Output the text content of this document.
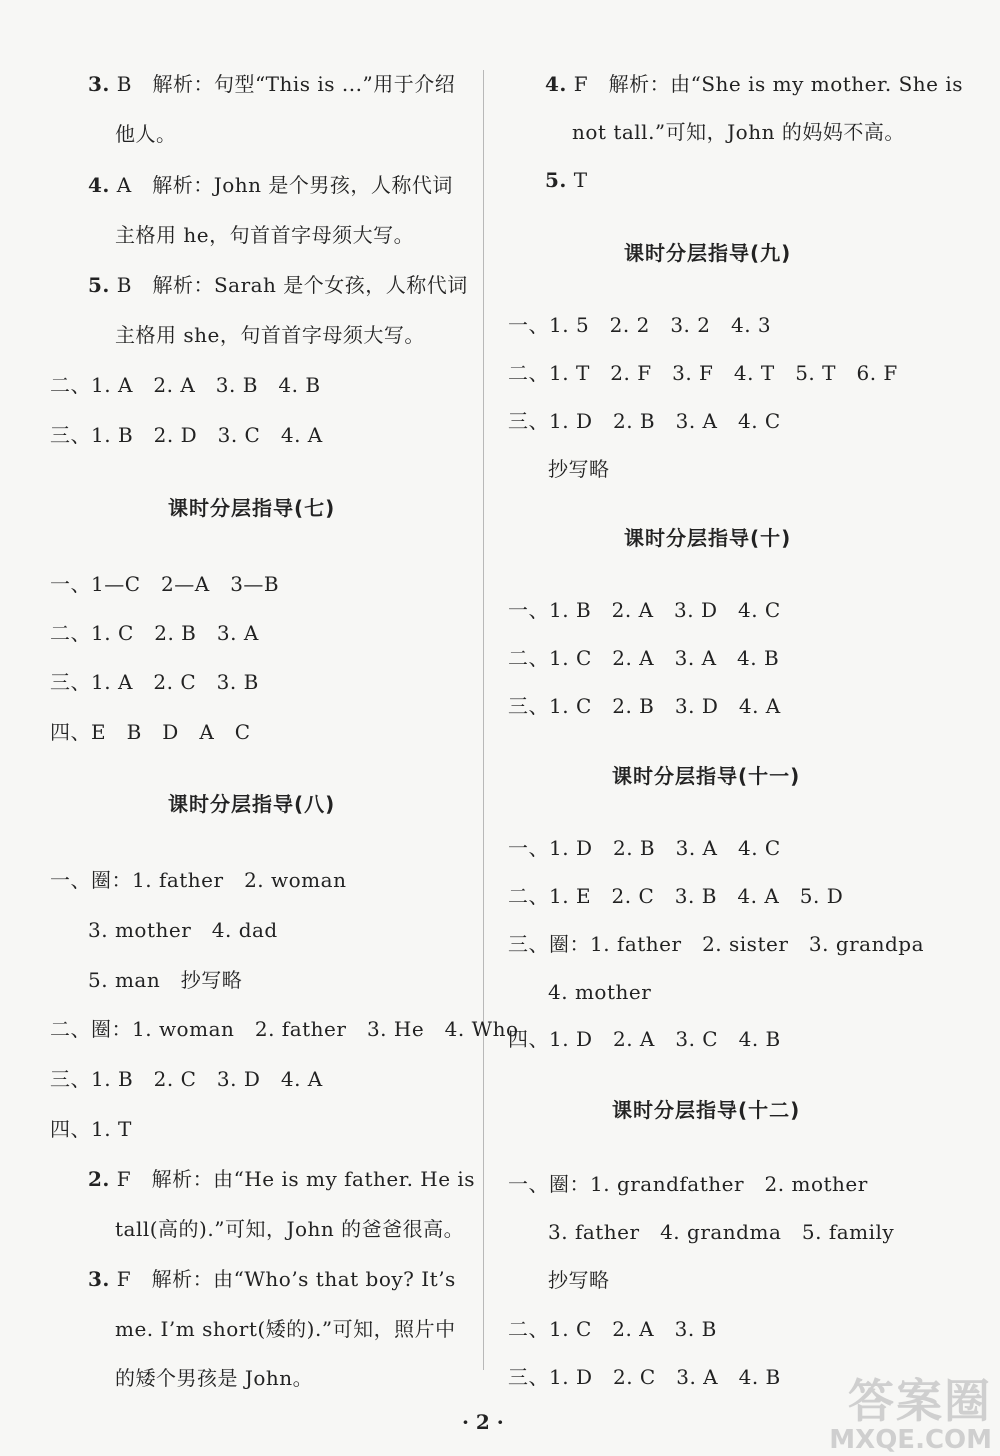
3. B　解析：句型“This is ...”用于介绍
他人。
4. A　解析：John 是个男孩，人称代词
主格用 he，句首首字母须大写。
5. B　解析：Sarah 是个女孩，人称代词
主格用 she，句首首字母须大写。
二、1. A　2. A　3. B　4. B
三、1. B　2. D　3. C　4. A
一、1—C　2—A　3—B
二、1. C　2. B　3. A
三、1. A　2. C　3. B
四、E　B　D　A　C
一、圈：1. father　2. woman
3. mother　4. dad
5. man　抄写略
二、圈：1. woman　2. father　3. He　4. Who
三、1. B　2. C　3. D　4. A
四、1. T
2. F　解析：由“He is my father. He is
tall(高的).”可知，John 的爸爸很高。
3. F　解析：由“Who’s that boy? It’s
me. I’m short(矮的).”可知，照片中
的矮个男孩是 John。
课时分层指导(七)
课时分层指导(八)
4. F　解析：由“She is my mother. She is
not tall.”可知，John 的妈妈不高。
5. T
一、1. 5　2. 2　3. 2　4. 3
二、1. T　2. F　3. F　4. T　5. T　6. F
三、1. D　2. B　3. A　4. C
抄写略
一、1. B　2. A　3. D　4. C
二、1. C　2. A　3. A　4. B
三、1. C　2. B　3. D　4. A
一、1. D　2. B　3. A　4. C
二、1. E　2. C　3. B　4. A　5. D
三、圈：1. father　2. sister　3. grandpa
4. mother
四、1. D　2. A　3. C　4. B
一、圈：1. grandfather　2. mother
3. father　4. grandma　5. family
抄写略
二、1. C　2. A　3. B
三、1. D　2. C　3. A　4. B
课时分层指导(九)
课时分层指导(十)
课时分层指导(十一)
课时分层指导(十二)
· 2 ·	答案圈
MXQE.COM
